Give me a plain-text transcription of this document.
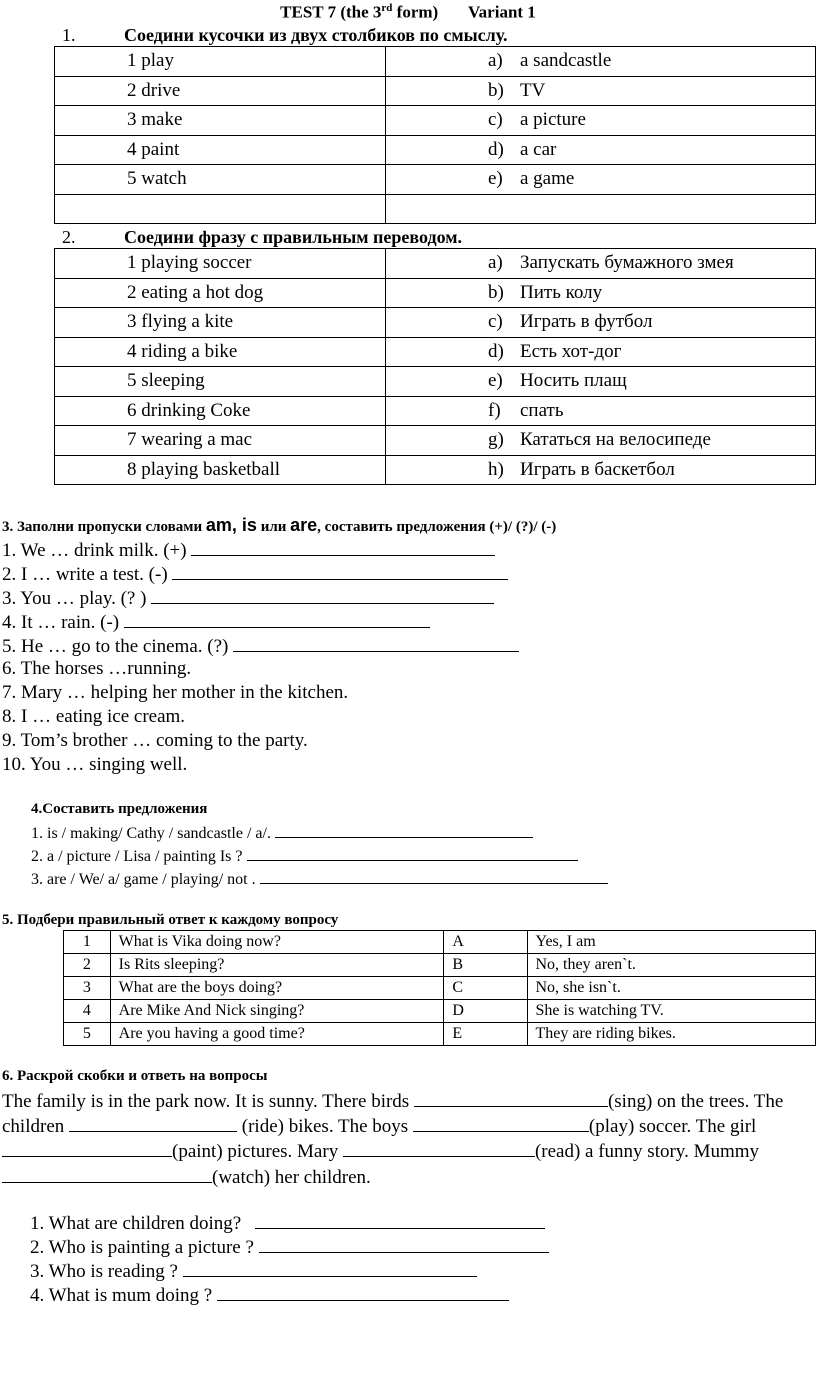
TEST 7 (the 3rd form) Variant 1
1.	Соедини кусочки из двух столбиков по смыслу.
1 play	a) a sandcastle
2 drive	b) TV
3 make	c) a picture
4 paint	d) a car
5 watch	e) a game

2.	Соедини фразу с правильным переводом.
1 playing soccer	a) Запускать бумажного змея
2 eating a hot dog	b) Пить колу
3 flying a kite	c) Играть в футбол
4 riding a bike	d) Есть хот-дог
5 sleeping	e) Носить плащ
6 drinking Coke	f) спать
7 wearing a mac	g) Кататься на велосипеде
8 playing basketball	h) Играть в баскетбол
3. Заполни пропуски словами am, is или are, составить предложения (+)/ (?)/ (-)
1. We … drink milk. (+)
2. I … write a test. (-)
3. You … play. (? )
4. It … rain. (-)
5. He … go to the cinema. (?)
6. The horses …running.
7. Mary … helping her mother in the kitchen.
8. I … eating ice cream.
9. Tom’s brother … coming to the party.
10. You … singing well.
4.Составить предложения
1. is / making/ Cathy / sandcastle / a/.
2. a / picture / Lisa / painting Is ?
3. are / We/ a/ game / playing/ not .
5. Подбери правильный ответ к каждому вопросу
1	What is Vika doing now?	A	Yes, I am
2	Is Rits sleeping?	B	No, they aren`t.
3	What are the boys doing?	C	No, she isn`t.
4	Are Mike And Nick singing?	D	She is watching TV.
5	Are you having a good time?	E	They are riding bikes.
6. Раскрой скобки и ответь на вопросы
The family is in the park now. It is sunny. There birds	(sing) on the trees. The children	(ride) bikes. The boys	(play) soccer. The girl (paint) pictures. Mary	(read) a funny story. Mummy (watch) her children.
1. What are children doing?
2. Who is painting a picture ?
3. Who is reading ?
4. What is mum doing ?
